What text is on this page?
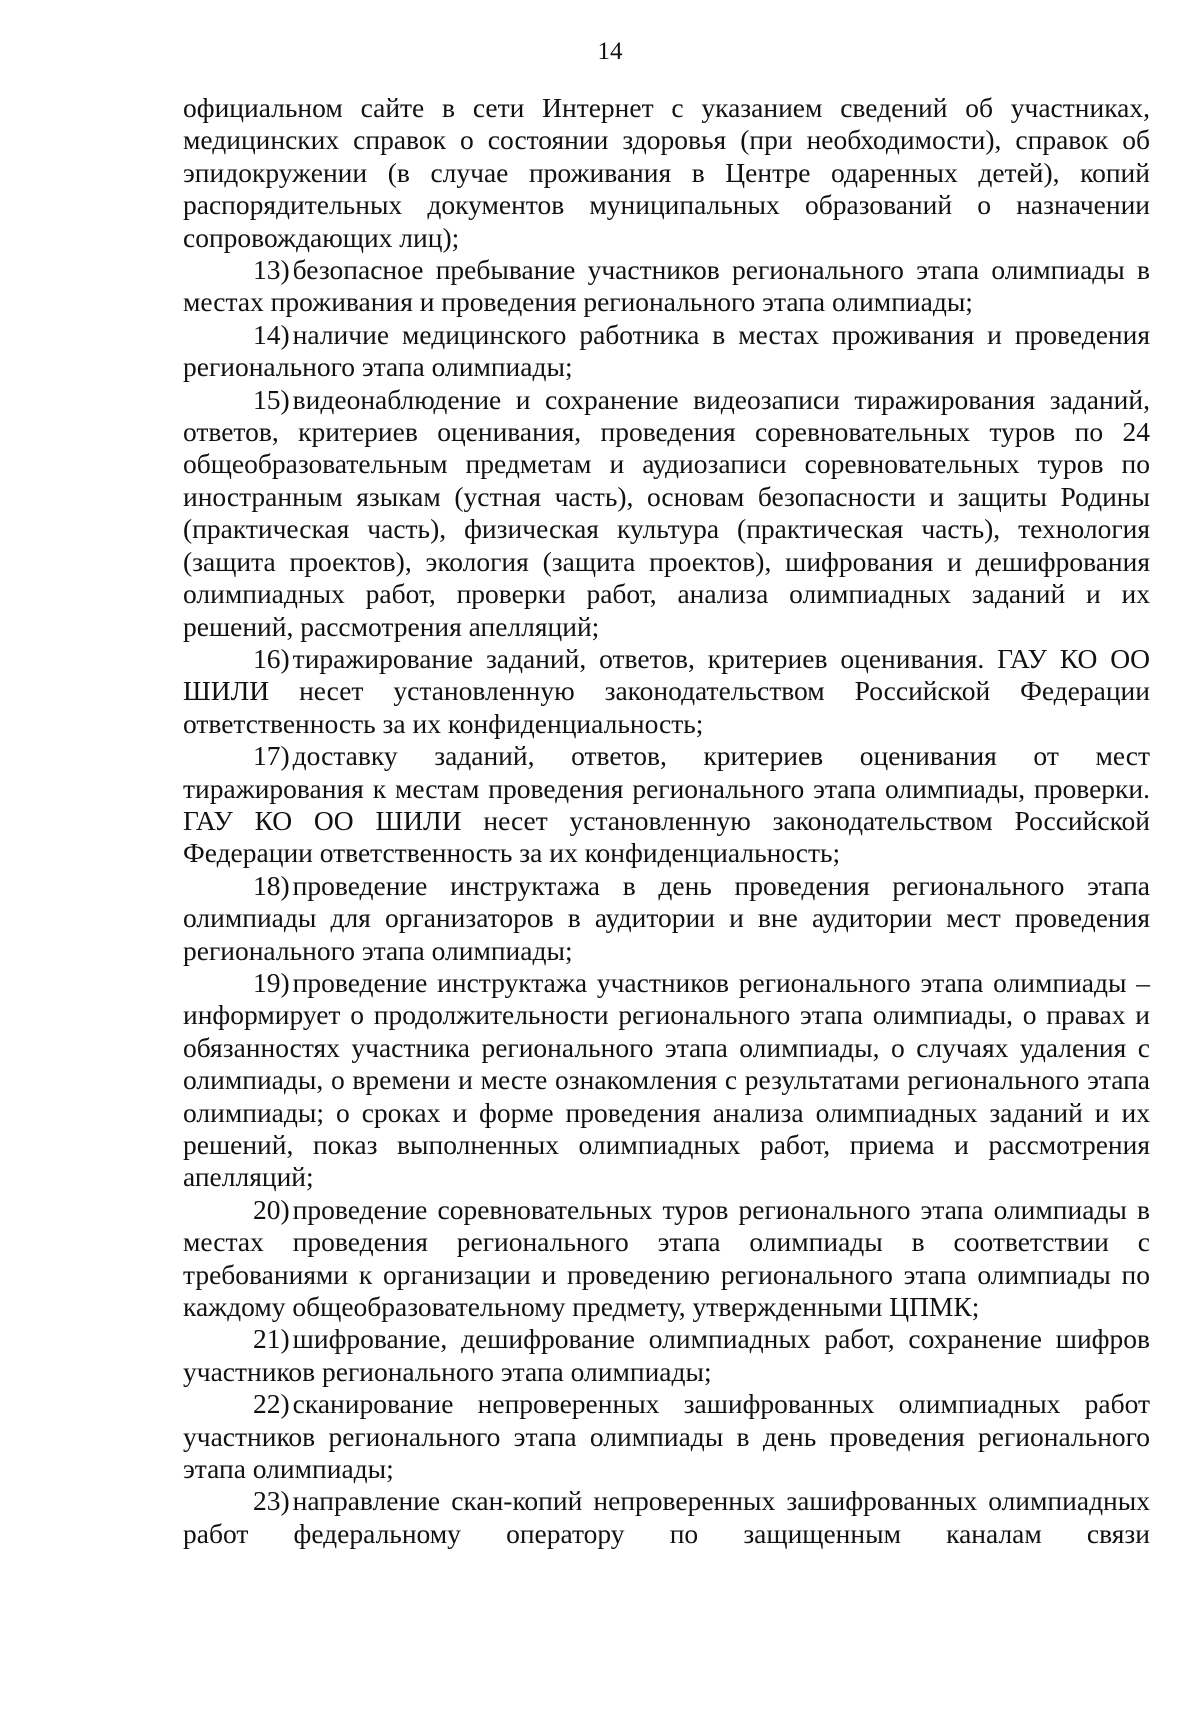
14

официальном сайте в сети Интернет с указанием сведений об участниках, медицинских справок о состоянии здоровья (при необходимости), справок об эпидокружении (в случае проживания в Центре одаренных детей), копий распорядительных документов муниципальных образований о назначении сопровождающих лиц);

13) безопасное пребывание участников регионального этапа олимпиады в местах проживания и проведения регионального этапа олимпиады;

14) наличие медицинского работника в местах проживания и проведения регионального этапа олимпиады;

15) видеонаблюдение и сохранение видеозаписи тиражирования заданий, ответов, критериев оценивания, проведения соревновательных туров по 24 общеобразовательным предметам и аудиозаписи соревновательных туров по иностранным языкам (устная часть), основам безопасности и защиты Родины (практическая часть), физическая культура (практическая часть), технология (защита проектов), экология (защита проектов), шифрования и дешифрования олимпиадных работ, проверки работ, анализа олимпиадных заданий и их решений, рассмотрения апелляций;

16) тиражирование заданий, ответов, критериев оценивания. ГАУ КО ОО ШИЛИ несет установленную законодательством Российской Федерации ответственность за их конфиденциальность;

17) доставку заданий, ответов, критериев оценивания от мест тиражирования к местам проведения регионального этапа олимпиады, проверки. ГАУ КО ОО ШИЛИ несет установленную законодательством Российской Федерации ответственность за их конфиденциальность;

18) проведение инструктажа в день проведения регионального этапа олимпиады для организаторов в аудитории и вне аудитории мест проведения регионального этапа олимпиады;

19) проведение инструктажа участников регионального этапа олимпиады – информирует о продолжительности регионального этапа олимпиады, о правах и обязанностях участника регионального этапа олимпиады, о случаях удаления с олимпиады, о времени и месте ознакомления с результатами регионального этапа олимпиады; о сроках и форме проведения анализа олимпиадных заданий и их решений, показ выполненных олимпиадных работ, приема и рассмотрения апелляций;

20) проведение соревновательных туров регионального этапа олимпиады в местах проведения регионального этапа олимпиады в соответствии с требованиями к организации и проведению регионального этапа олимпиады по каждому общеобразовательному предмету, утвержденными ЦПМК;

21) шифрование, дешифрование олимпиадных работ, сохранение шифров участников регионального этапа олимпиады;

22) сканирование непроверенных зашифрованных олимпиадных работ участников регионального этапа олимпиады в день проведения регионального этапа олимпиады;

23) направление скан-копий непроверенных зашифрованных олимпиадных работ федеральному оператору по защищенным каналам связи
